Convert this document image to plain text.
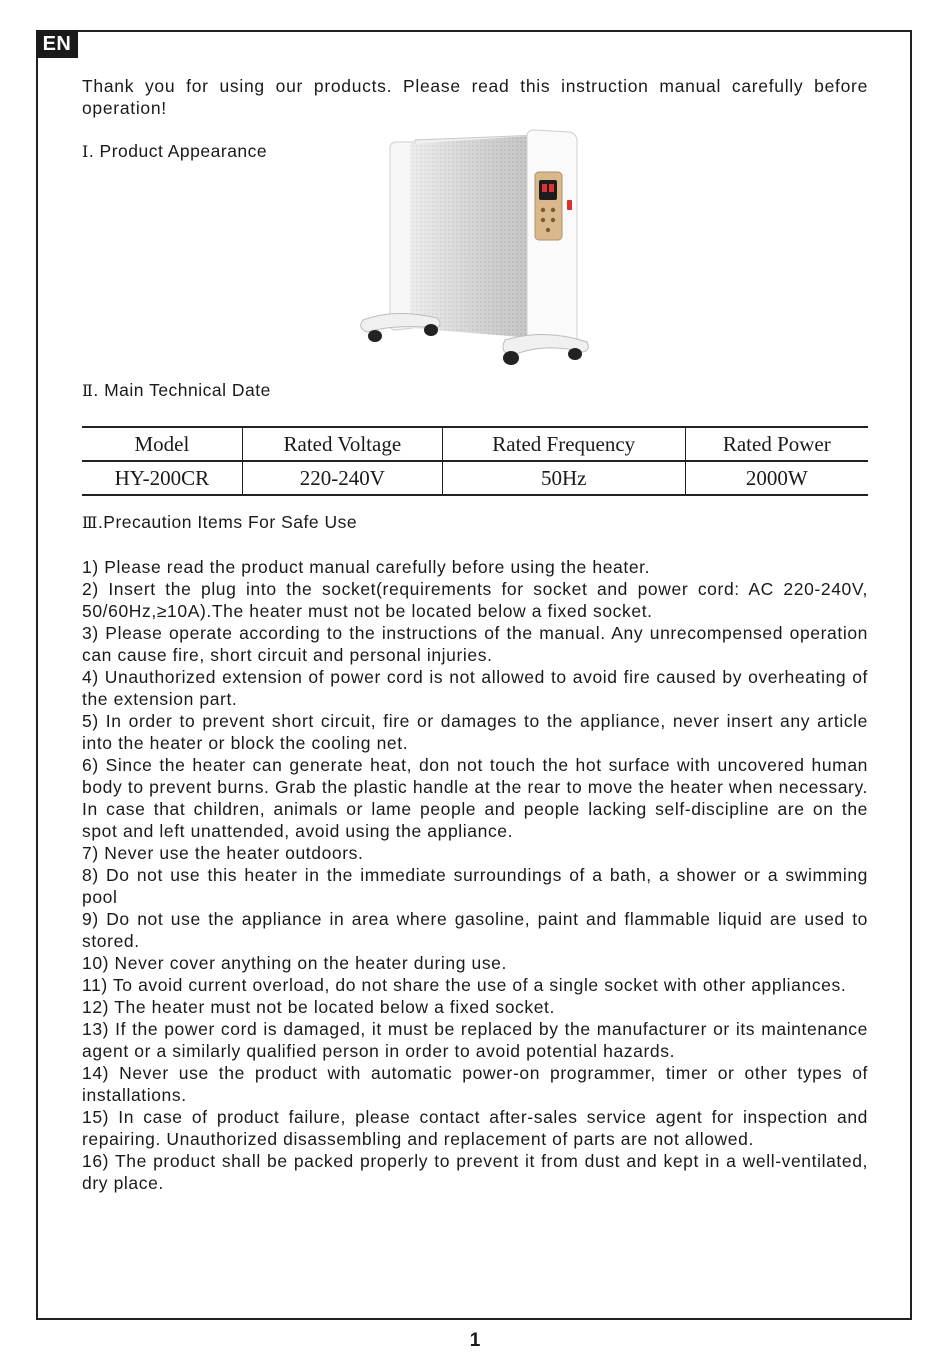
EN
Thank you for using our products. Please read this instruction manual carefully before operation!
Ⅰ. Product Appearance
Ⅱ. Main Technical Date
Model	Rated Voltage	Rated Frequency	Rated Power
HY-200CR	220-240V	50Hz	2000W
Ⅲ.Precaution Items For Safe Use
1) Please read the product manual carefully before using the heater.
2) Insert the plug into the socket(requirements for socket and power cord: AC 220-240V, 50/60Hz,≥10A).The heater must not be located below a fixed socket.
3) Please operate according to the instructions of the manual. Any unrecompensed operation can cause fire, short circuit and personal injuries.
4) Unauthorized extension of power cord is not allowed to avoid fire caused by overheating of the extension part.
5) In order to prevent short circuit, fire or damages to the appliance, never insert any article into the heater or block the cooling net.
6) Since the heater can generate heat, don not touch the hot surface with uncovered human body to prevent burns. Grab the plastic handle at the rear to move the heater when necessary. In case that children, animals or lame people and people lacking self-discipline are on the spot and left unattended, avoid using the appliance.
7) Never use the heater outdoors.
8) Do not use this heater in the immediate surroundings of a bath, a shower or a swimming pool
9) Do not use the appliance in area where gasoline, paint and flammable liquid are used to stored.
10) Never cover anything on the heater during use.
11) To avoid current overload, do not share the use of a single socket with other appliances.
12) The heater must not be located below a fixed socket.
13) If the power cord is damaged, it must be replaced by the manufacturer or its maintenance agent or a similarly qualified person in order to avoid potential hazards.
14) Never use the product with automatic power-on programmer, timer or other types of installations.
15) In case of product failure, please contact after-sales service agent for inspection and repairing. Unauthorized disassembling and replacement of parts are not allowed.
16) The product shall be packed properly to prevent it from dust and kept in a well-ventilated, dry place.
1
